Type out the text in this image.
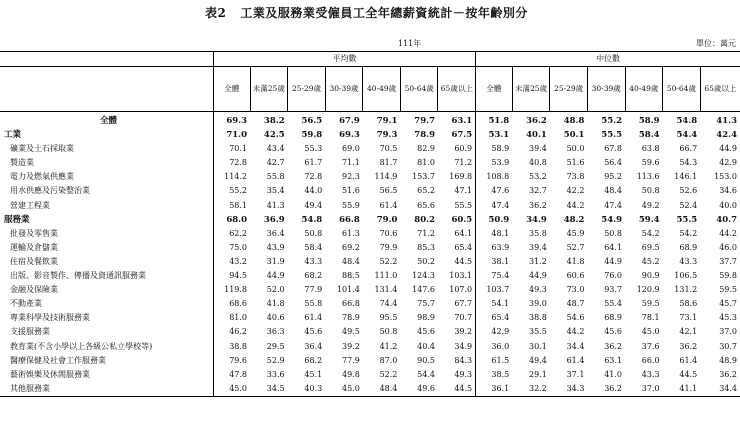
表2 工業及服務業受僱員工全年總薪資統計－按年齡別分
111年	單位：萬元
	平均數							中位數						
	全體	未滿25歲	25-29歲	30-39歲	40-49歲	50-64歲	65歲以上	全體	未滿25歲	25-29歲	30-39歲	40-49歲	50-64歲	65歲以上
全體	69.3	38.2	56.5	67.9	79.1	79.7	63.1	51.8	36.2	48.8	55.2	58.9	54.8	41.3
工業	71.0	42.5	59.8	69.3	79.3	78.9	67.5	53.1	40.1	50.1	55.5	58.4	54.4	42.4
礦業及土石採取業	70.1	43.4	55.3	69.0	70.5	82.9	60.9	58.9	39.4	50.0	67.8	63.8	66.7	44.9
製造業	72.8	42.7	61.7	71.1	81.7	81.0	71.2	53.9	40.8	51.6	56.4	59.6	54.3	42.9
電力及燃氣供應業	114.2	55.8	72.8	92.3	114.9	153.7	169.8	108.8	53.2	73.8	95.2	113.6	146.1	153.0
用水供應及污染整治業	55.2	35.4	44.0	51.6	56.5	65.2	47.1	47.6	32.7	42.2	48.4	50.8	52.6	34.6
營建工程業	58.1	41.3	49.4	55.9	61.4	65.6	55.5	47.4	36.2	44.2	47.4	49.2	52.4	40.0
服務業	68.0	36.9	54.8	66.8	79.0	80.2	60.5	50.9	34.9	48.2	54.9	59.4	55.5	40.7
批發及零售業	62.2	36.4	50.8	61.3	70.6	71.2	64.1	48.1	35.8	45.9	50.8	54.2	54.2	44.2
運輸及倉儲業	75.0	43.9	58.4	69.2	79.9	85.3	65.4	63.9	39.4	52.7	64.1	69.5	68.9	46.0
住宿及餐飲業	43.2	31.9	43.3	48.4	52.2	50.2	44.5	38.1	31.2	41.8	44.9	45.2	43.3	37.7
出版、影音製作、傳播及資通訊服務業	94.5	44.9	68.2	88.5	111.0	124.3	103.1	75.4	44.9	60.6	76.0	90.9	106.5	59.8
金融及保險業	119.8	52.0	77.9	101.4	131.4	147.6	107.0	103.7	49.3	73.0	93.7	120.9	131.2	59.5
不動產業	68.6	41.8	55.8	66.8	74.4	75.7	67.7	54.1	39.0	48.7	55.4	59.5	58.6	45.7
專業科學及技術服務業	81.0	40.6	61.4	78.9	95.5	98.9	70.7	65.4	38.8	54.6	68.9	78.1	73.1	45.3
支援服務業	46.2	36.3	45.6	49.5	50.8	45.6	39.2	42.9	35.5	44.2	45.6	45.0	42.1	37.0
教育業(不含小學以上各級公私立學校等)	38.8	29.5	36.4	39.2	41.2	40.4	34.9	36.0	30.1	34.4	36.2	37.6	36.2	30.7
醫療保健及社會工作服務業	79.6	52.9	68.2	77.9	87.0	90.5	84.3	61.5	49.4	61.4	63.1	66.0	61.4	48.9
藝術娛樂及休閒服務業	47.8	33.6	45.1	49.8	52.2	54.4	49.3	38.5	29.1	37.1	41.0	43.3	44.5	36.2
其他服務業	45.0	34.5	40.3	45.0	48.4	49.6	44.5	36.1	32.2	34.3	36.2	37.0	41.1	34.4
